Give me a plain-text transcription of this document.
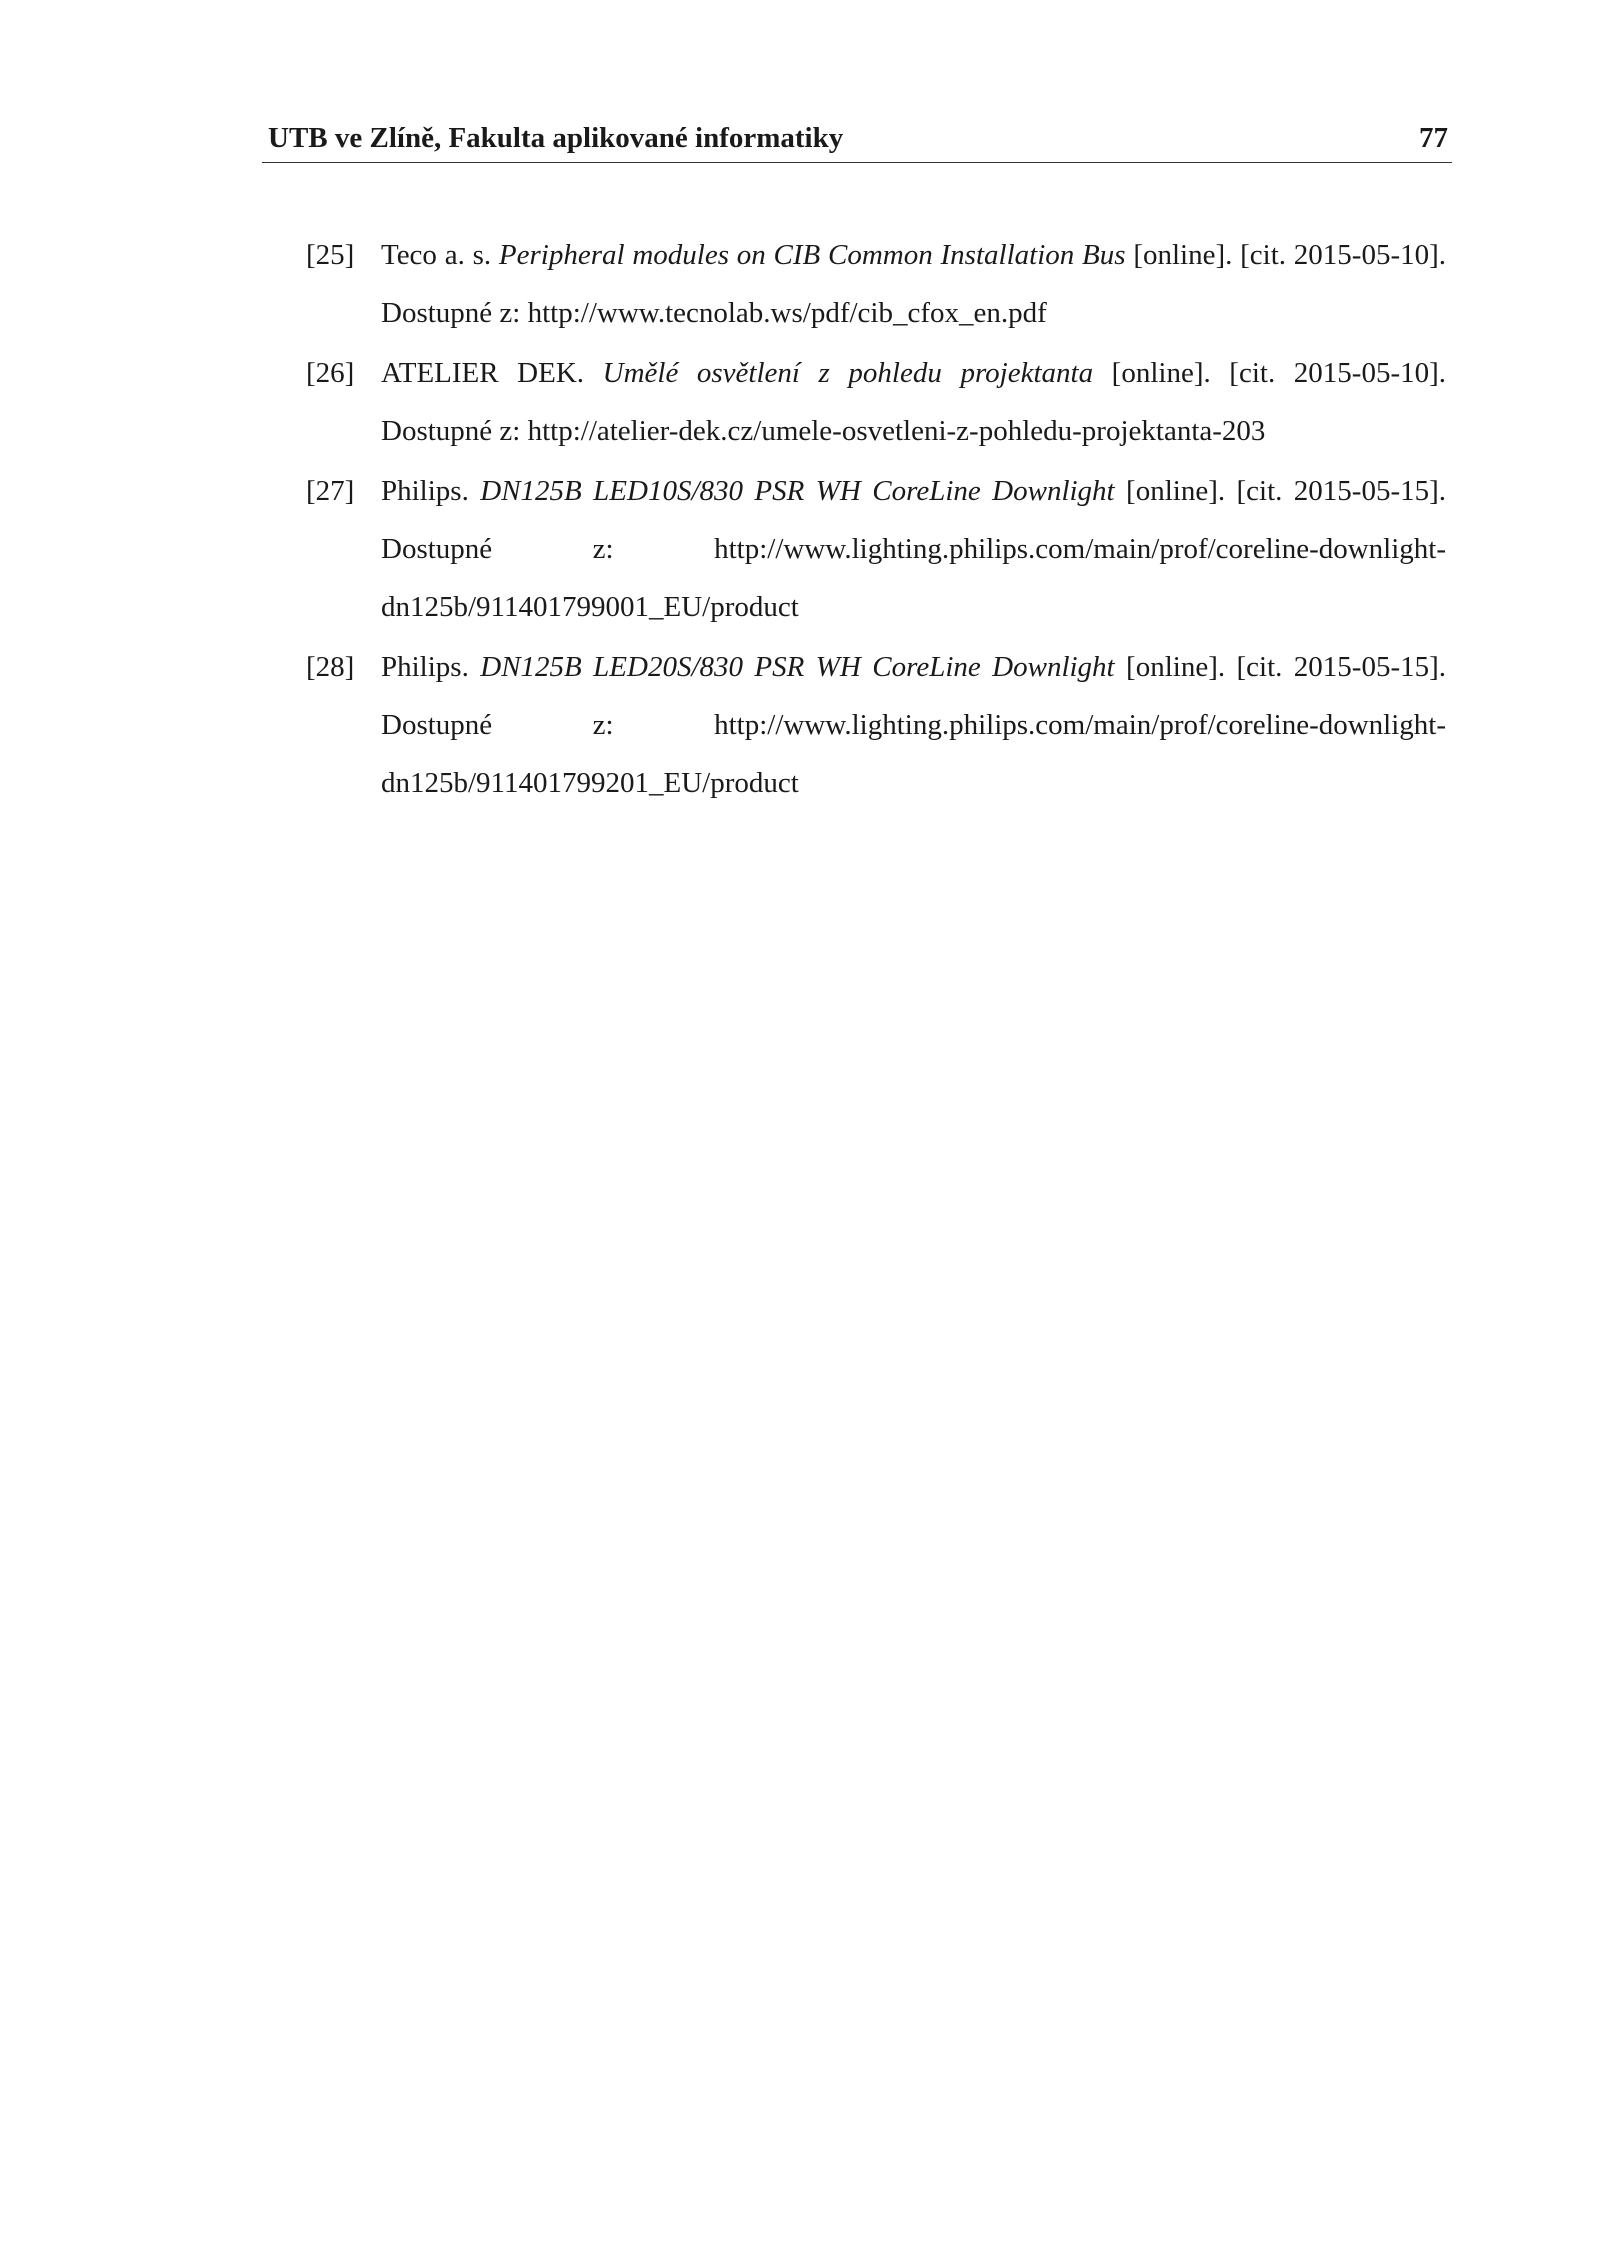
UTB ve Zlíně, Fakulta aplikované informatiky	77
[25] Teco a. s. Peripheral modules on CIB Common Installation Bus [online]. [cit. 2015-05-10]. Dostupné z: http://www.tecnolab.ws/pdf/cib_cfox_en.pdf
[26] ATELIER DEK. Umělé osvětlení z pohledu projektanta [online]. [cit. 2015-05-10]. Dostupné z: http://atelier-dek.cz/umele-osvetleni-z-pohledu-projektanta-203
[27] Philips. DN125B LED10S/830 PSR WH CoreLine Downlight [online]. [cit. 2015-05-15]. Dostupné z: http://www.lighting.philips.com/main/prof/coreline-downlight-dn125b/911401799001_EU/product
[28] Philips. DN125B LED20S/830 PSR WH CoreLine Downlight [online]. [cit. 2015-05-15]. Dostupné z: http://www.lighting.philips.com/main/prof/coreline-downlight-dn125b/911401799201_EU/product
